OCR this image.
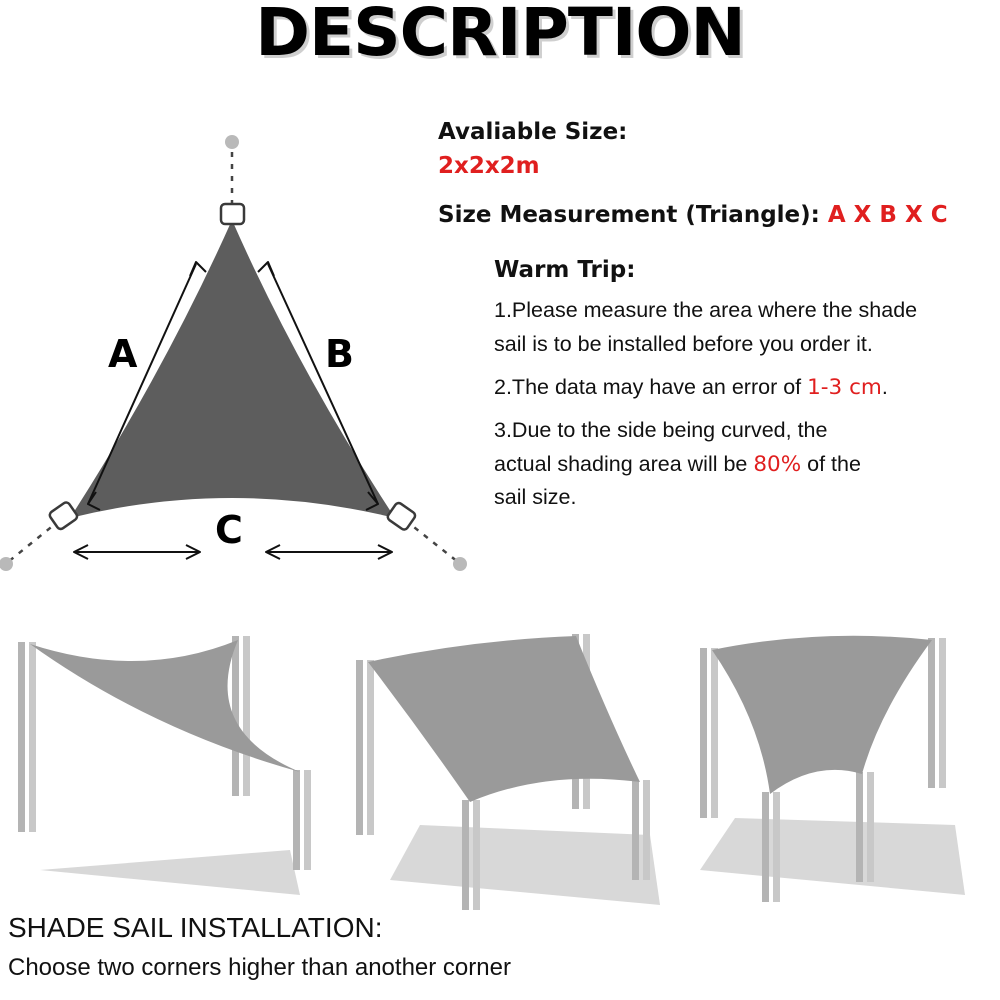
DESCRIPTION
A	B
C

Avaliable Size:

2x2x2m

Size Measurement (Triangle): A X B X C

Warm Trip:

1.Please measure the area where the shade

sail is to be installed before you order it.

2.The data may have an error of 1-3 cm.

3.Due to the side being curved, the

actual shading area will be 80% of the

sail size.

SHADE SAIL INSTALLATION:

Choose two corners higher than another corner
